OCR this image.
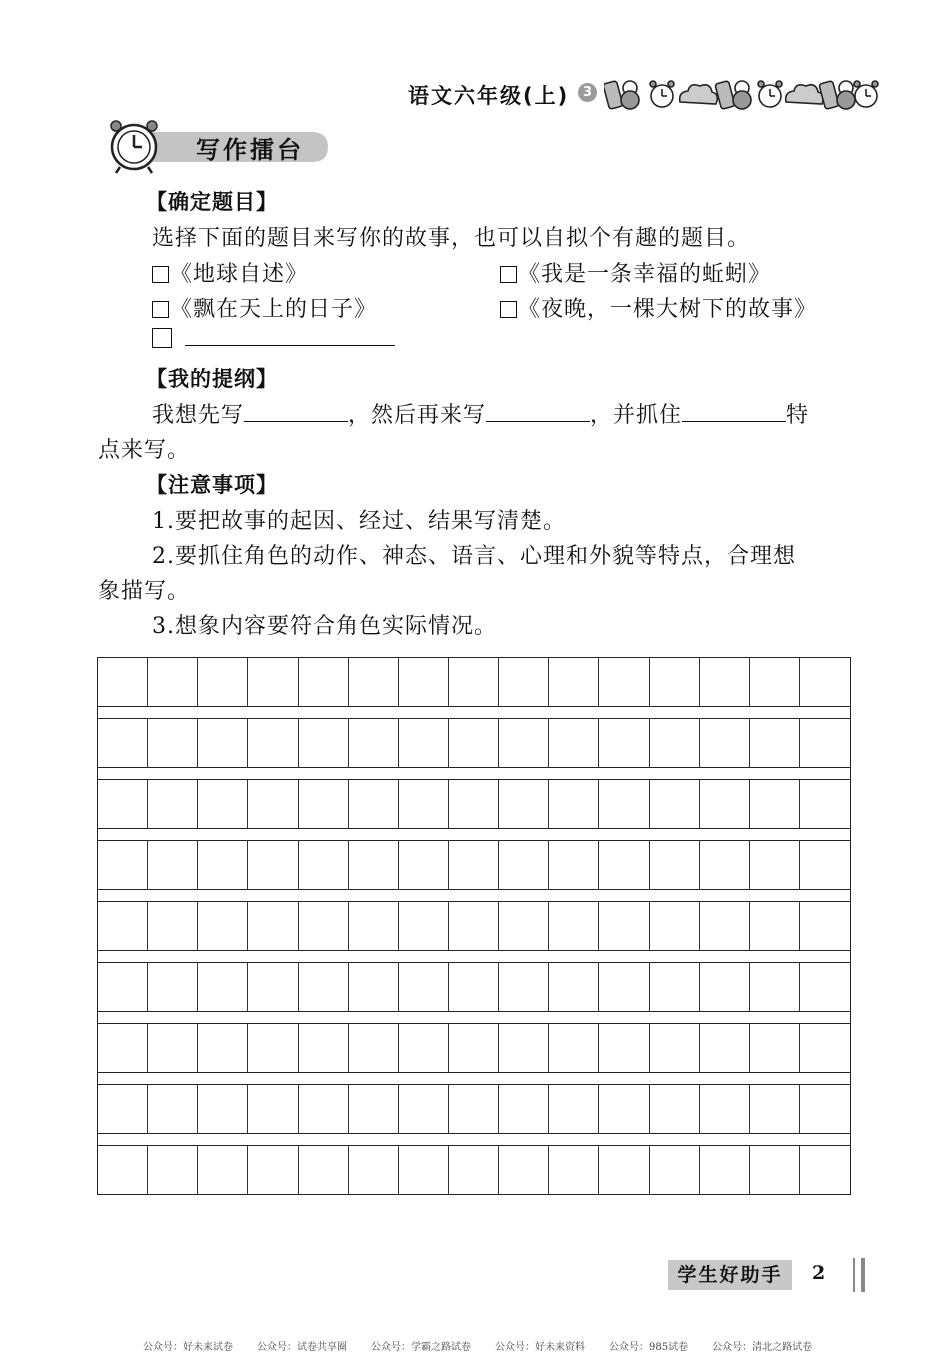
语文六年级(上)	3
写作擂台
【确定题目】
选择下面的题目来写你的故事，也可以自拟个有趣的题目。
《地球自述》	《我是一条幸福的蚯蚓》
《飘在天上的日子》	《夜晚，一棵大树下的故事》

【我的提纲】
我想先写	，然后再来写	，并抓住	特
点来写。
【注意事项】
1.要把故事的起因、经过、结果写清楚。
2.要抓住角色的动作、神态、语言、心理和外貌等特点，合理想
象描写。
3.想象内容要符合角色实际情况。
学生好助手	2
公众号：好未来试卷 公众号：试卷共享圈 公众号：学霸之路试卷 公众号：好未来资料 公众号：985试卷 公众号：清北之路试卷
